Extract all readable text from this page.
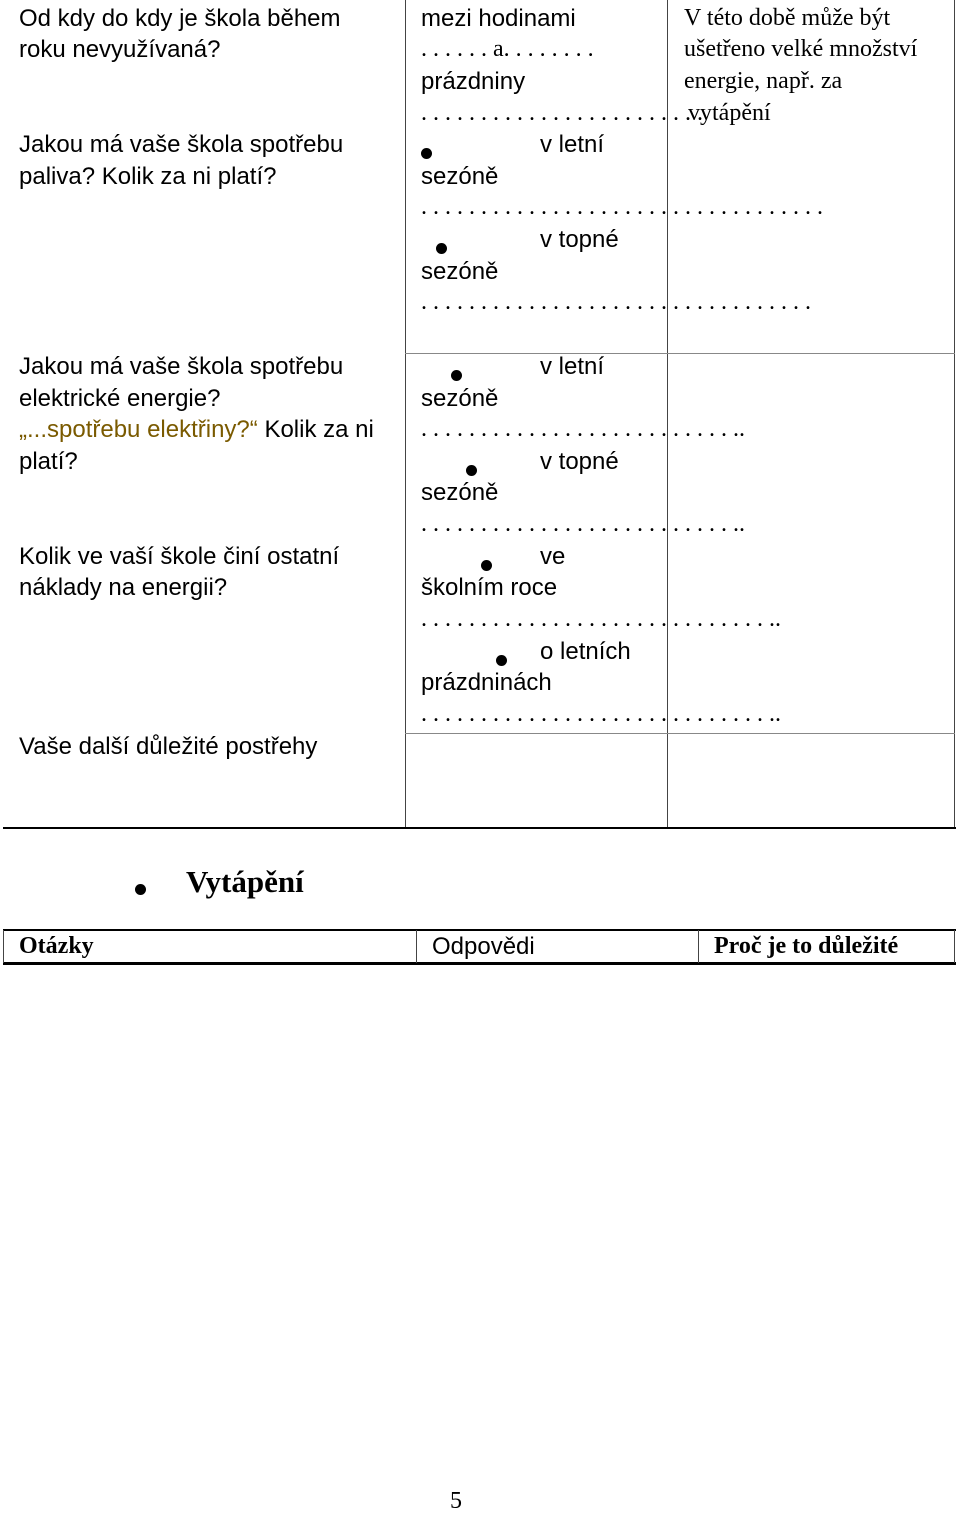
Od kdy do kdy je škola během
roku nevyužívaná?
mezi hodinami
. . . . . . a. . . . . . . .
prázdniny
. . . . . . . . . . . . . . . . . . . . . . . .
V této době může být
ušetřeno velké množství
energie, např. za
vytápění
Jakou má vaše škola spotřebu
paliva? Kolik za ni platí?

v letní
sezóně
. . . . . . . . . . . . . . . . . . . . . . . . . . . . . . . . . .

v topné
sezóně
. . . . . . . . . . . . . . . . . . . . . . . . . . . . . . . . .
Jakou má vaše škola spotřebu
elektrické energie?
„...spotřebu elektřiny?“ Kolik za ni
platí?

v letní
sezóně
. . . . . . . . . . . . . . . . . . . . . . . . . . ..

v topné
sezóně
. . . . . . . . . . . . . . . . . . . . . . . . . . ..
Kolik ve vaší škole činí ostatní
náklady na energii?

ve
školním roce
. . . . . . . . . . . . . . . . . . . . . . . . . . . . . ..

o letních
prázdninách
. . . . . . . . . . . . . . . . . . . . . . . . . . . . . ..
Vaše další důležité postřehy
Vytápění
Otázky	Odpovědi	Proč je to důležité
5
